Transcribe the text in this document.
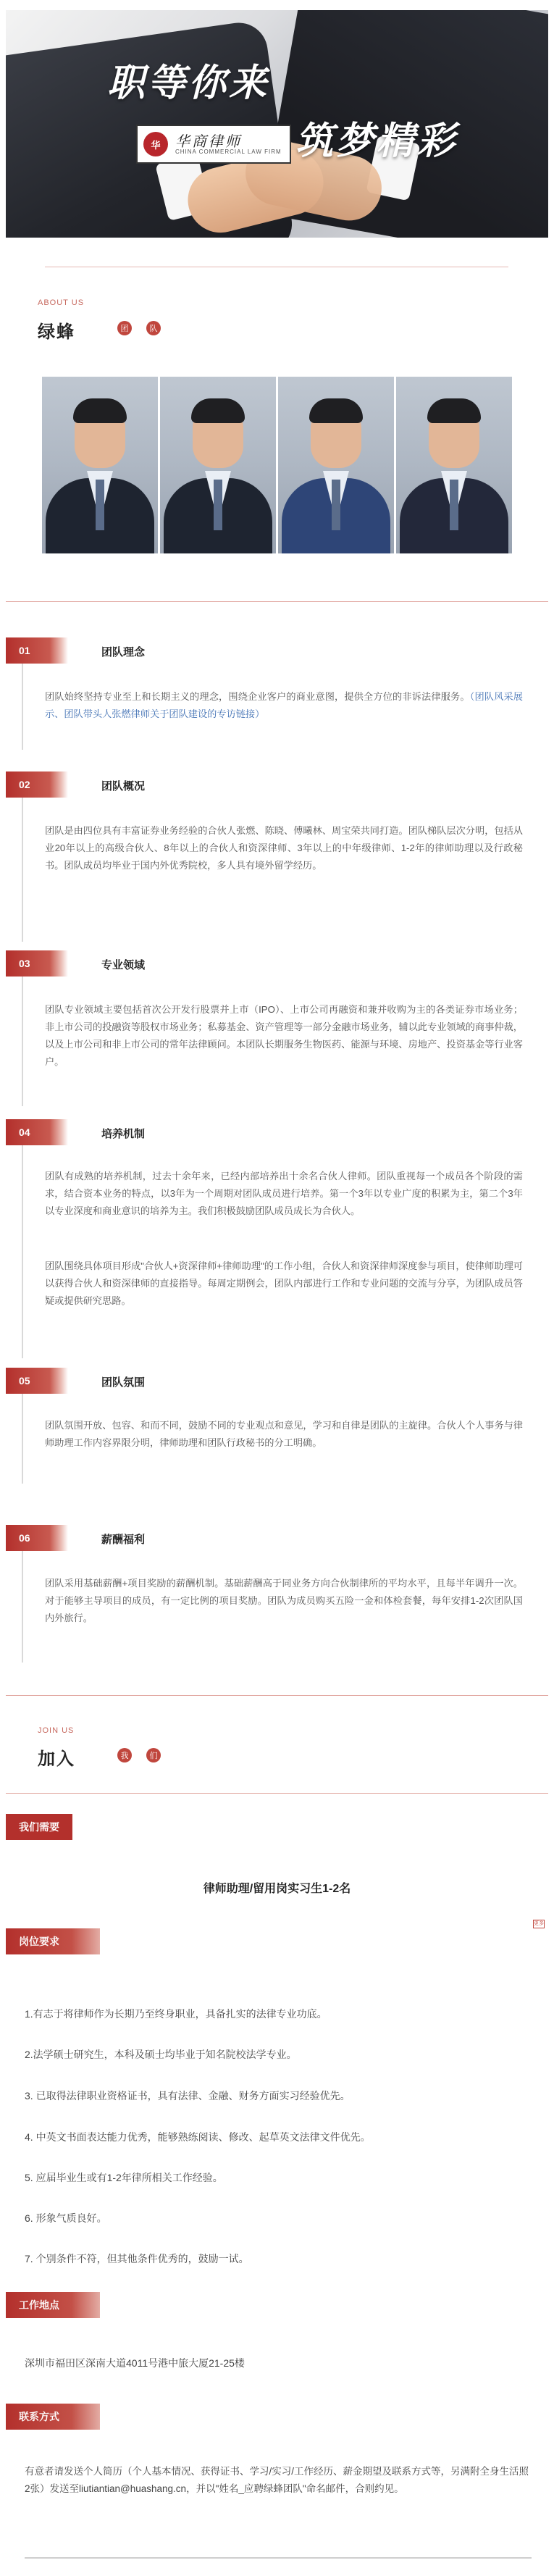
职等你来
筑梦精彩
华	华商律师
CHINA COMMERCIAL LAW FIRM
ABOUT US
绿蜂	团	队
01	团队理念
团队始终坚持专业至上和长期主义的理念，围绕企业客户的商业意图，提供全方位的非诉法律服务。（团队风采展示、团队带头人张燃律师关于团队建设的专访链接）
02	团队概况
团队是由四位具有丰富证券业务经验的合伙人张燃、陈晓、傅曦林、周宝荣共同打造。团队梯队层次分明，包括从业20年以上的高级合伙人、8年以上的合伙人和资深律师、3年以上的中年级律师、1-2年的律师助理以及行政秘书。团队成员均毕业于国内外优秀院校，多人具有境外留学经历。
03	专业领域
团队专业领域主要包括首次公开发行股票并上市（IPO）、上市公司再融资和兼并收购为主的各类证券市场业务；非上市公司的投融资等股权市场业务；私募基金、资产管理等一部分金融市场业务，辅以此专业领域的商事仲裁，以及上市公司和非上市公司的常年法律顾问。本团队长期服务生物医药、能源与环境、房地产、投资基金等行业客户。
04	培养机制
团队有成熟的培养机制，过去十余年来，已经内部培养出十余名合伙人律师。团队重视每一个成员各个阶段的需求，结合资本业务的特点，以3年为一个周期对团队成员进行培养。第一个3年以专业广度的积累为主，第二个3年以专业深度和商业意识的培养为主。我们积极鼓励团队成员成长为合伙人。
团队围绕具体项目形成"合伙人+资深律师+律师助理"的工作小组，合伙人和资深律师深度参与项目，使律师助理可以获得合伙人和资深律师的直接指导。每周定期例会，团队内部进行工作和专业问题的交流与分享，为团队成员答疑或提供研究思路。
05	团队氛围
团队氛围开放、包容、和而不同，鼓励不同的专业观点和意见，学习和自律是团队的主旋律。合伙人个人事务与律师助理工作内容界限分明，律师助理和团队行政秘书的分工明确。
06	薪酬福利
团队采用基础薪酬+项目奖励的薪酬机制。基础薪酬高于同业务方向合伙制律所的平均水平，且每半年调升一次。对于能够主导项目的成员，有一定比例的项目奖励。团队为成员购买五险一金和体检套餐，每年安排1-2次团队国内外旅行。
JOIN US
加入	我	们
我们需要
律师助理/留用岗实习生1-2名
岗位要求
更多
1.有志于将律师作为长期乃至终身职业，具备扎实的法律专业功底。
2.法学硕士研究生，本科及硕士均毕业于知名院校法学专业。
3. 已取得法律职业资格证书，具有法律、金融、财务方面实习经验优先。
4. 中英文书面表达能力优秀，能够熟练阅读、修改、起草英文法律文件优先。
5. 应届毕业生或有1-2年律所相关工作经验。
6. 形象气质良好。
7. 个别条件不符，但其他条件优秀的，鼓励一试。
工作地点
深圳市福田区深南大道4011号港中旅大厦21-25楼
联系方式
有意者请发送个人简历（个人基本情况、获得证书、学习/实习/工作经历、薪金期望及联系方式等，另满附全身生活照2张）发送至liutiantian@huashang.cn，并以"姓名_应聘绿蜂团队"命名邮件，合则约见。
